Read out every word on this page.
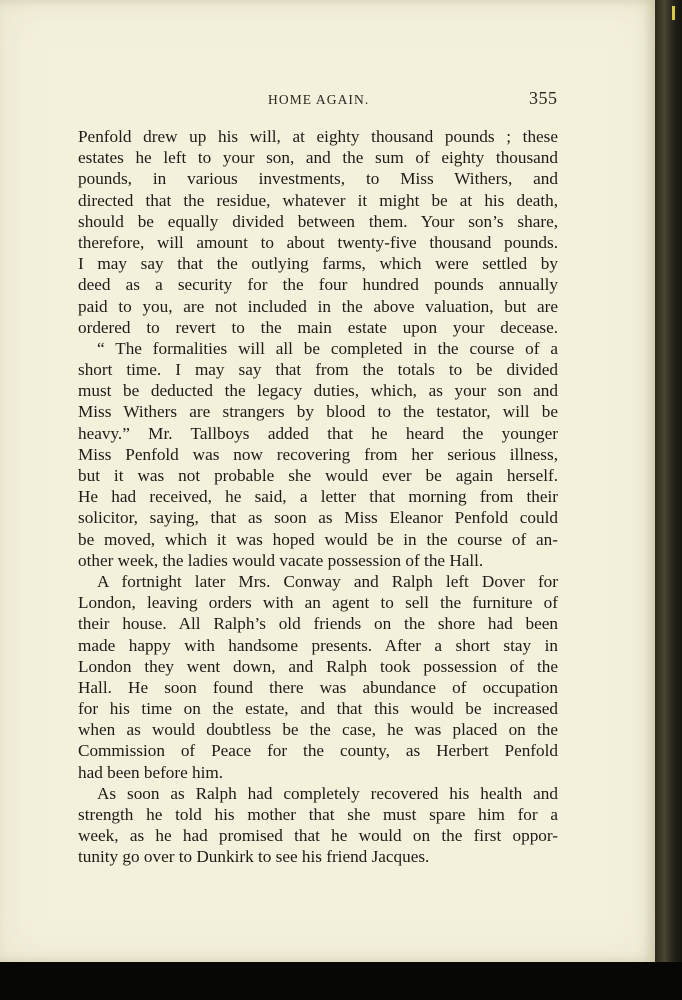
HOME AGAIN.	355
Penfold drew up his will, at eighty thousand pounds ; these
estates he left to your son, and the sum of eighty thousand
pounds, in various investments, to Miss Withers, and
directed that the residue, whatever it might be at his death,
should be equally divided between them. Your son’s share,
therefore, will amount to about twenty-five thousand pounds.
I may say that the outlying farms, which were settled by
deed as a security for the four hundred pounds annually
paid to you, are not included in the above valuation, but are
ordered to revert to the main estate upon your decease.
“ The formalities will all be completed in the course of a
short time. I may say that from the totals to be divided
must be deducted the legacy duties, which, as your son and
Miss Withers are strangers by blood to the testator, will be
heavy.” Mr. Tallboys added that he heard the younger
Miss Penfold was now recovering from her serious illness,
but it was not probable she would ever be again herself.
He had received, he said, a letter that morning from their
solicitor, saying, that as soon as Miss Eleanor Penfold could
be moved, which it was hoped would be in the course of an-
other week, the ladies would vacate possession of the Hall.
A fortnight later Mrs. Conway and Ralph left Dover for
London, leaving orders with an agent to sell the furniture of
their house. All Ralph’s old friends on the shore had been
made happy with handsome presents. After a short stay in
London they went down, and Ralph took possession of the
Hall. He soon found there was abundance of occupation
for his time on the estate, and that this would be increased
when as would doubtless be the case, he was placed on the
Commission of Peace for the county, as Herbert Penfold
had been before him.
As soon as Ralph had completely recovered his health and
strength he told his mother that she must spare him for a
week, as he had promised that he would on the first oppor-
tunity go over to Dunkirk to see his friend Jacques.
